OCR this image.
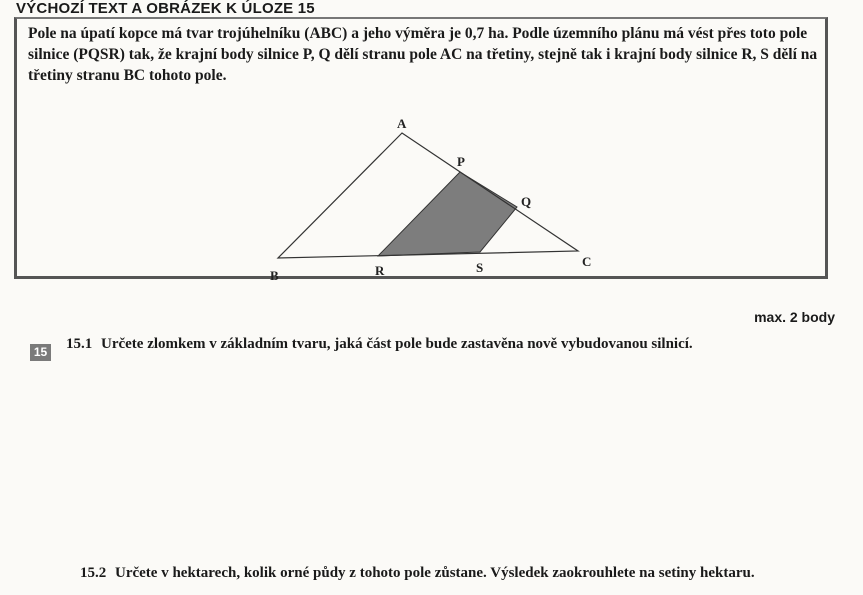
VÝCHOZÍ TEXT A OBRÁZEK K ÚLOZE 15
Pole na úpatí kopce má tvar trojúhelníku (ABC) a jeho výměra je 0,7 ha. Podle územního plánu má vést přes toto pole silnice (PQSR) tak, že krajní body silnice P, Q dělí stranu pole AC na třetiny, stejně tak i krajní body silnice R, S dělí na třetiny stranu BC tohoto pole.
A
B
C
P
Q
R	S
max. 2 body
15 15.1 Určete zlomkem v základním tvaru, jaká část pole bude zastavěna nově vybudovanou silnicí.
15.2 Určete v hektarech, kolik orné půdy z tohoto pole zůstane. Výsledek zaokrouhlete na setiny hektaru.
